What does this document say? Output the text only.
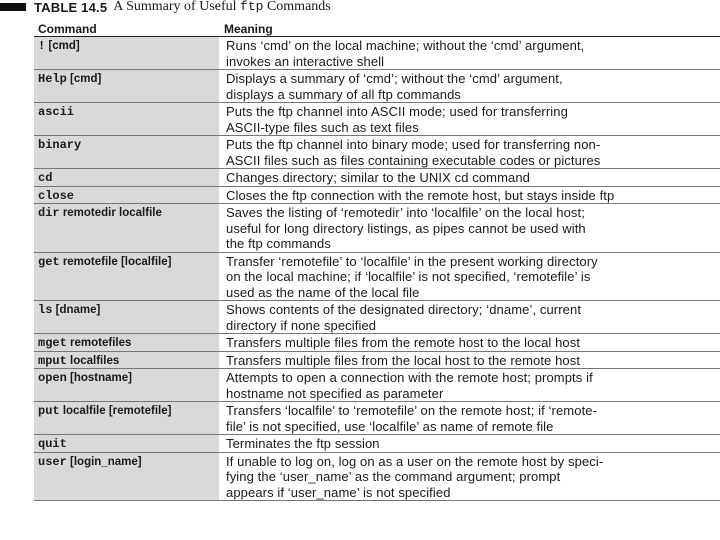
TABLE 14.5 A Summary of Useful ftp Commands
Command	Meaning
! [cmd]	Runs ‘cmd’ on the local machine; without the ‘cmd’ argument,
invokes an interactive shell
Help [cmd]	Displays a summary of ‘cmd’; without the ‘cmd’ argument,
displays a summary of all ftp commands
ascii	Puts the ftp channel into ASCII mode; used for transferring
ASCII-type files such as text files
binary	Puts the ftp channel into binary mode; used for transferring non-
ASCII files such as files containing executable codes or pictures
cd	Changes directory; similar to the UNIX cd command
close	Closes the ftp connection with the remote host, but stays inside ftp
dir remotedir localfile	Saves the listing of ‘remotedir’ into ‘localfile’ on the local host;
useful for long directory listings, as pipes cannot be used with
the ftp commands
get remotefile [localfile]	Transfer ‘remotefile’ to ‘localfile’ in the present working directory
on the local machine; if ‘localfile’ is not specified, ‘remotefile’ is
used as the name of the local file
ls [dname]	Shows contents of the designated directory; ‘dname’, current
directory if none specified
mget remotefiles	Transfers multiple files from the remote host to the local host
mput localfiles	Transfers multiple files from the local host to the remote host
open [hostname]	Attempts to open a connection with the remote host; prompts if
hostname not specified as parameter
put localfile [remotefile]	Transfers ‘localfile’ to ‘remotefile’ on the remote host; if ‘remote-
file’ is not specified, use ‘localfile’ as name of remote file
quit	Terminates the ftp session
user [login_name]	If unable to log on, log on as a user on the remote host by speci-
fying the ‘user_name’ as the command argument; prompt
appears if ‘user_name’ is not specified
